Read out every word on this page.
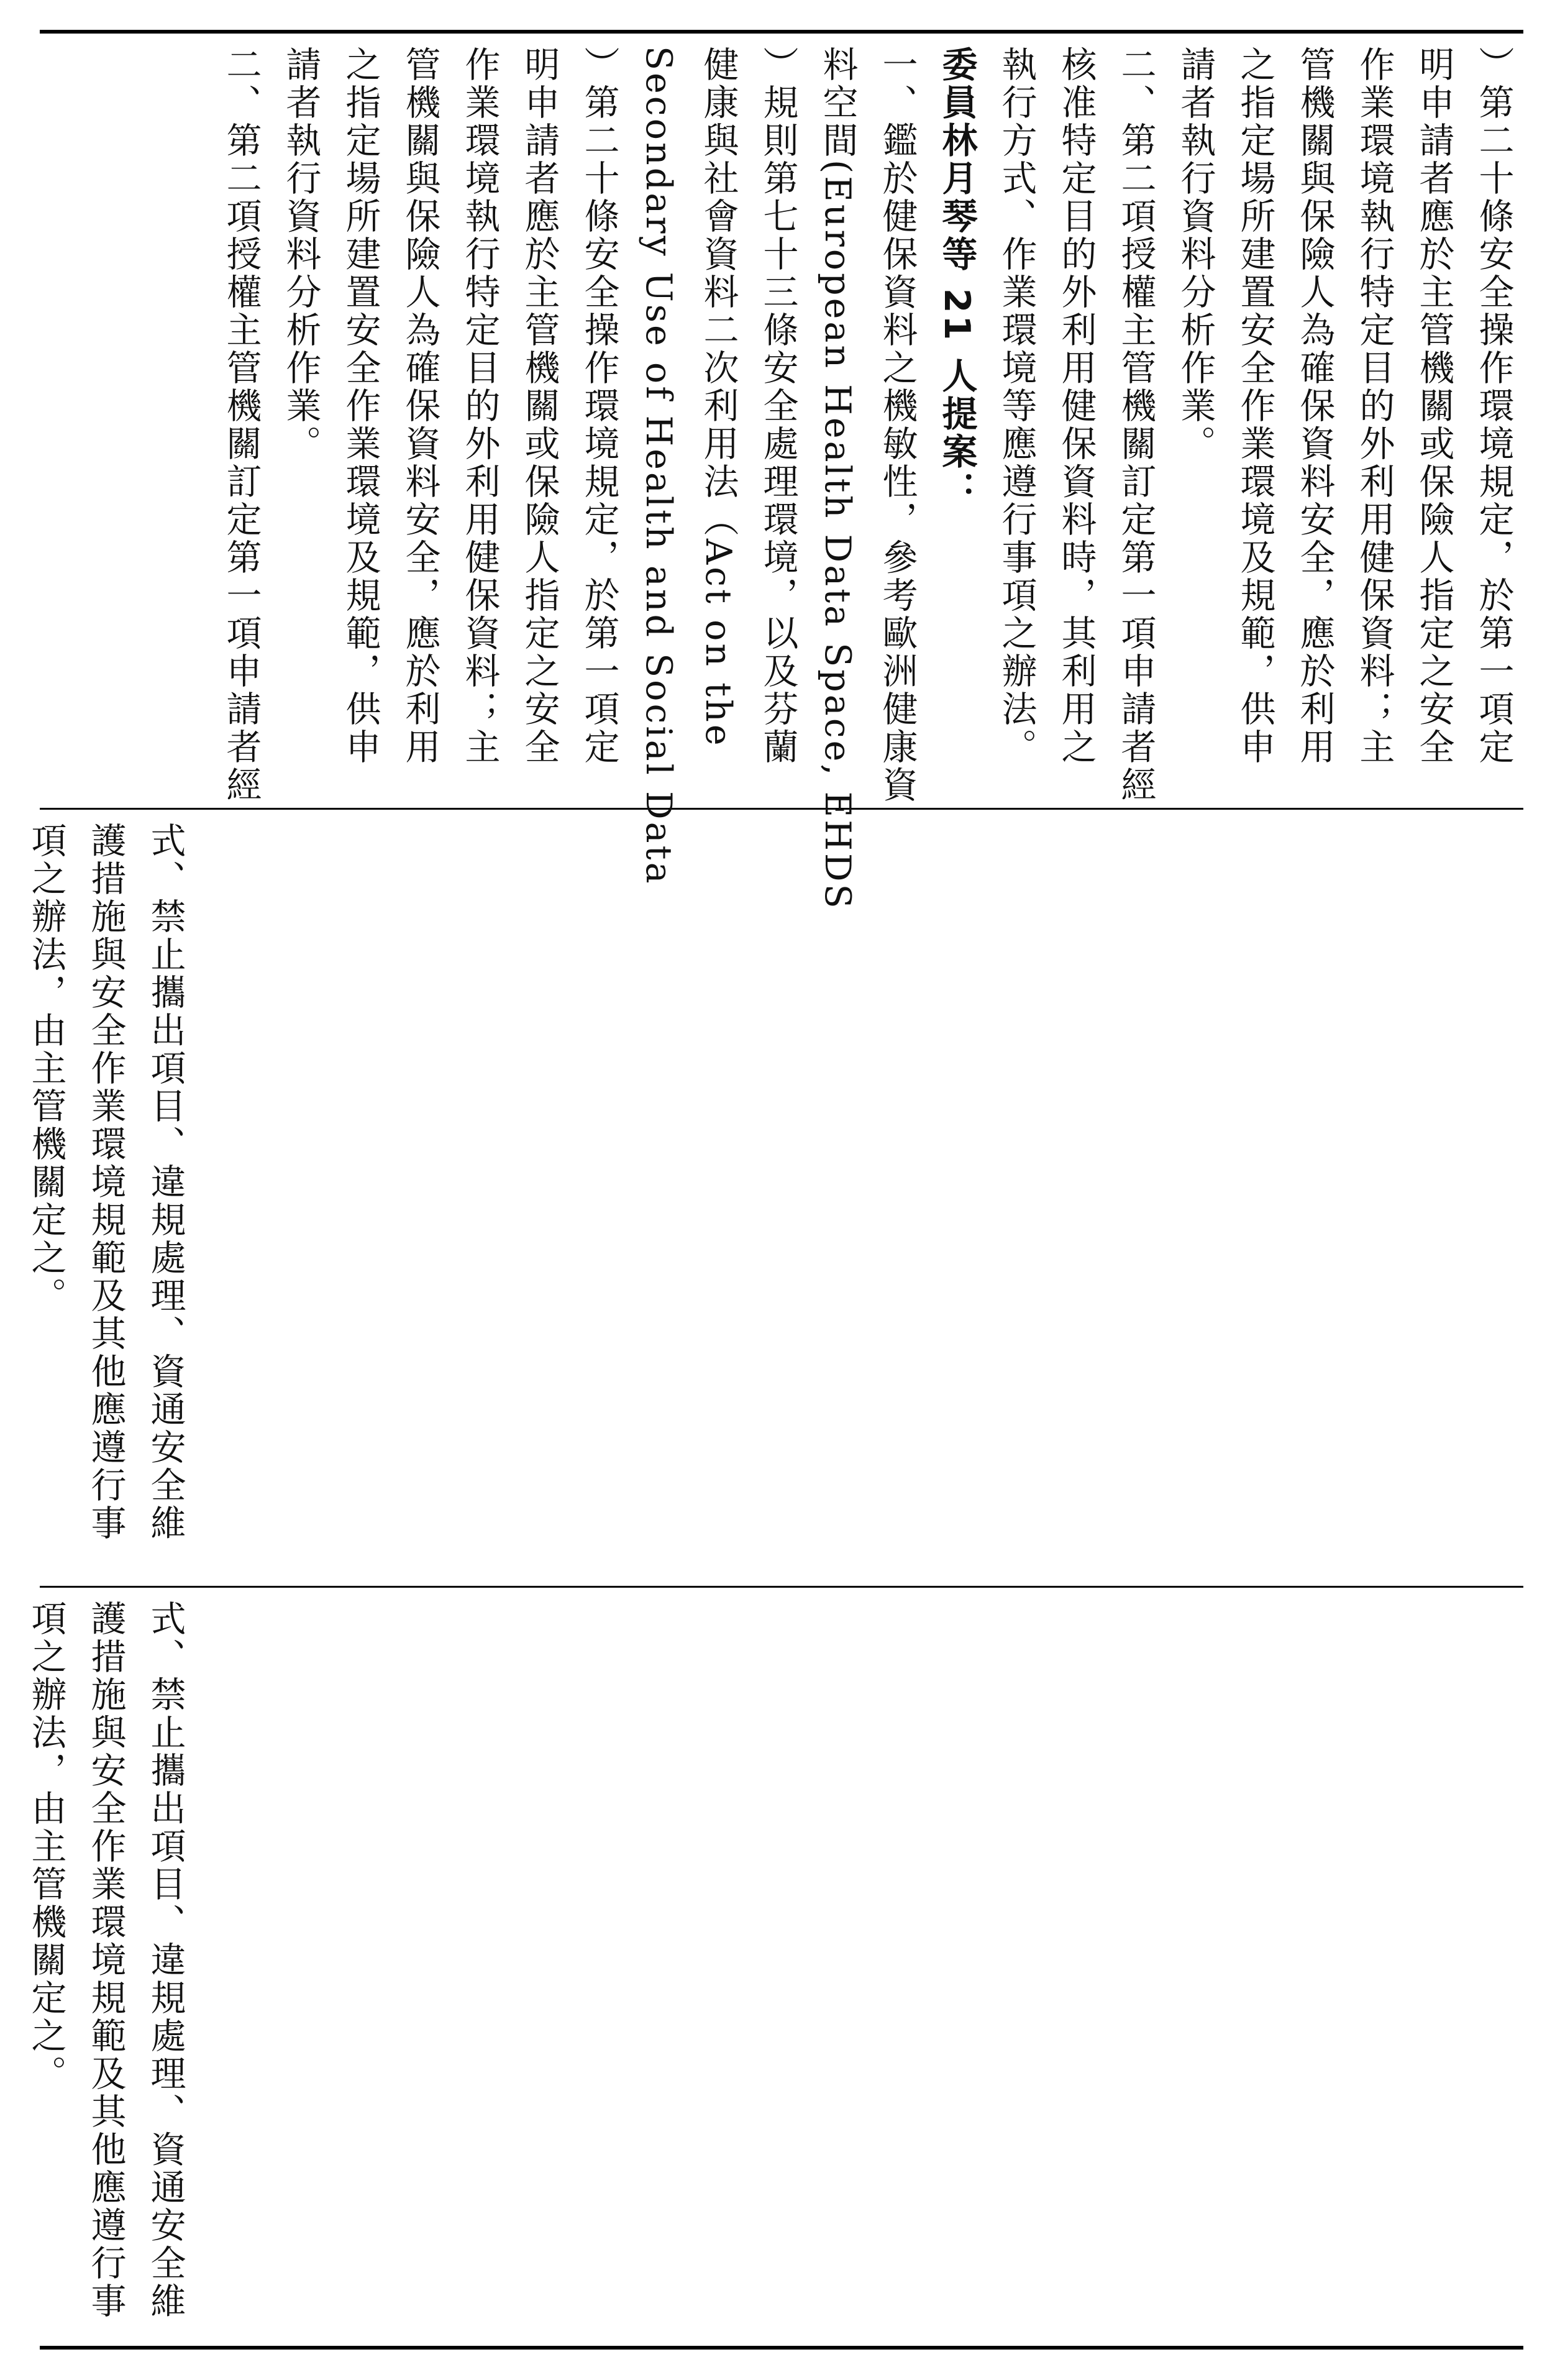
）第二十條安全操作環境規定，於第一項定
明申請者應於主管機關或保險人指定之安全
作業環境執行特定目的外利用健保資料；主
管機關與保險人為確保資料安全，應於利用
之指定場所建置安全作業環境及規範，供申
請者執行資料分析作業。
二、第二項授權主管機關訂定第一項申請者經
核准特定目的外利用健保資料時，其利用之
執行方式、作業環境等應遵行事項之辦法。
委員林月琴等 21 人提案：
一、鑑於健保資料之機敏性，參考歐洲健康資
料空間(European Health Data Space, EHDS
）規則第七十三條安全處理環境，以及芬蘭
健康與社會資料二次利用法（Act on the
Secondary Use of Health and Social Data
）第二十條安全操作環境規定，於第一項定
明申請者應於主管機關或保險人指定之安全
作業環境執行特定目的外利用健保資料；主
管機關與保險人為確保資料安全，應於利用
之指定場所建置安全作業環境及規範，供申
請者執行資料分析作業。
二、第二項授權主管機關訂定第一項申請者經
式、禁止攜出項目、違規處理、資通安全維
護措施與安全作業環境規範及其他應遵行事
項之辦法，由主管機關定之。
式、禁止攜出項目、違規處理、資通安全維
護措施與安全作業環境規範及其他應遵行事
項之辦法，由主管機關定之。
